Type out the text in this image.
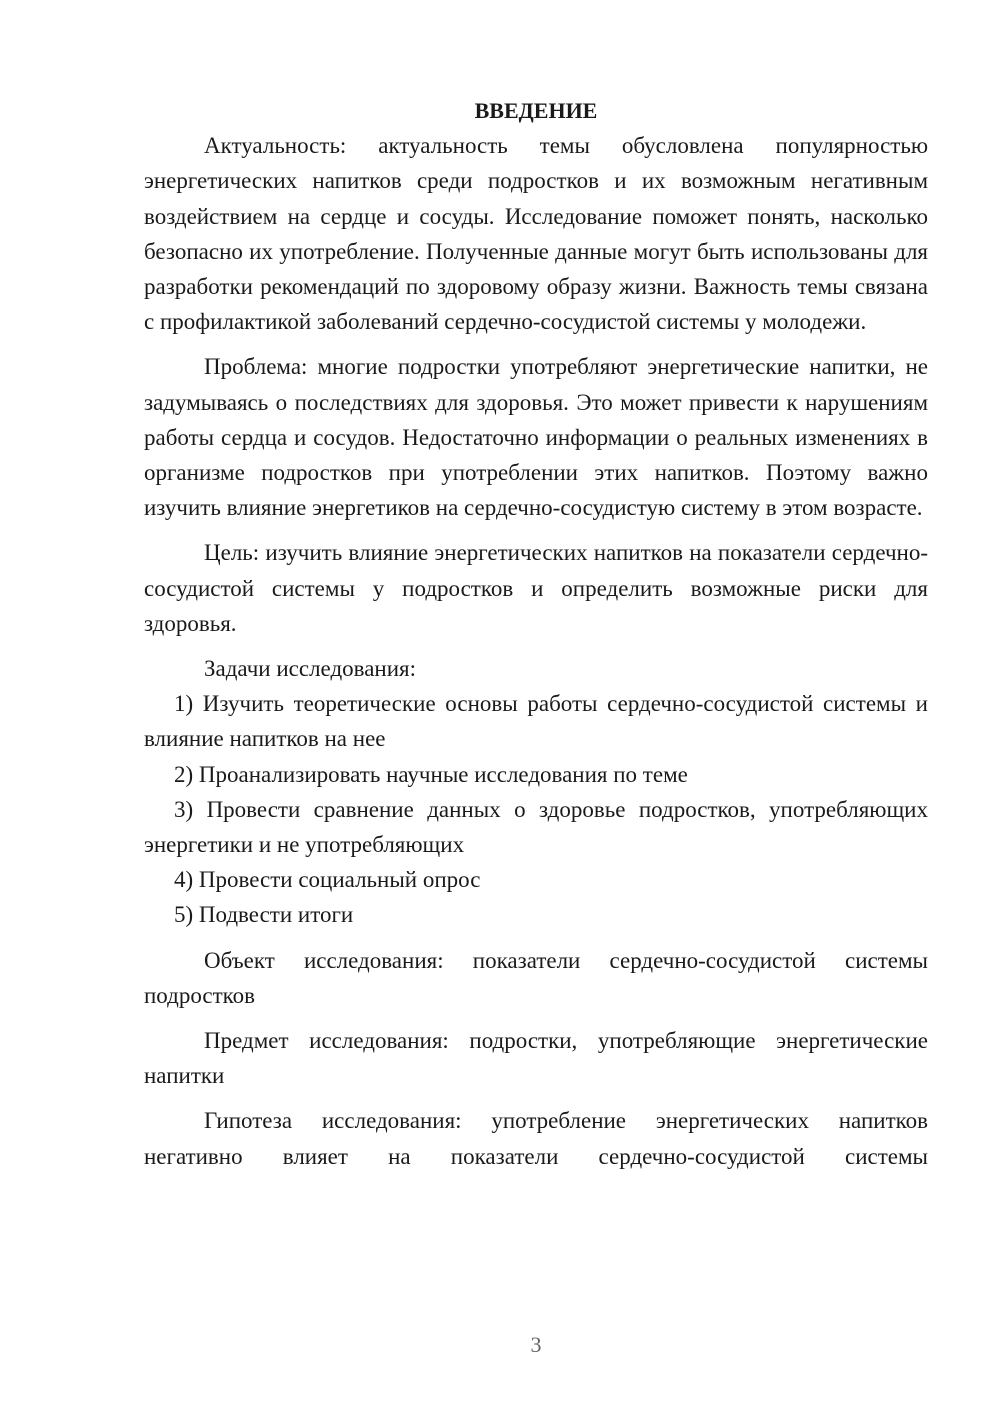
ВВЕДЕНИЕ

Актуальность: актуальность темы обусловлена популярностью энергетических напитков среди подростков и их возможным негативным воздействием на сердце и сосуды. Исследование поможет понять, насколько безопасно их употребление. Полученные данные могут быть использованы для разработки рекомендаций по здоровому образу жизни. Важность темы связана с профилактикой заболеваний сердечно-сосудистой системы у молодежи.

Проблема: многие подростки употребляют энергетические напитки, не задумываясь о последствиях для здоровья. Это может привести к нарушениям работы сердца и сосудов. Недостаточно информации о реальных изменениях в организме подростков при употреблении этих напитков. Поэтому важно изучить влияние энергетиков на сердечно-сосудистую систему в этом возрасте.

Цель: изучить влияние энергетических напитков на показатели сердечно-сосудистой системы у подростков и определить возможные риски для здоровья.

Задачи исследования:

1) Изучить теоретические основы работы сердечно-сосудистой системы и влияние напитков на нее

2) Проанализировать научные исследования по теме

3) Провести сравнение данных о здоровье подростков, употребляющих энергетики и не употребляющих

4) Провести социальный опрос

5) Подвести итоги

Объект исследования: показатели сердечно-сосудистой системы подростков

Предмет исследования: подростки, употребляющие энергетические напитки

Гипотеза исследования: употребление энергетических напитков негативно влияет на показатели сердечно-сосудистой системы

3
